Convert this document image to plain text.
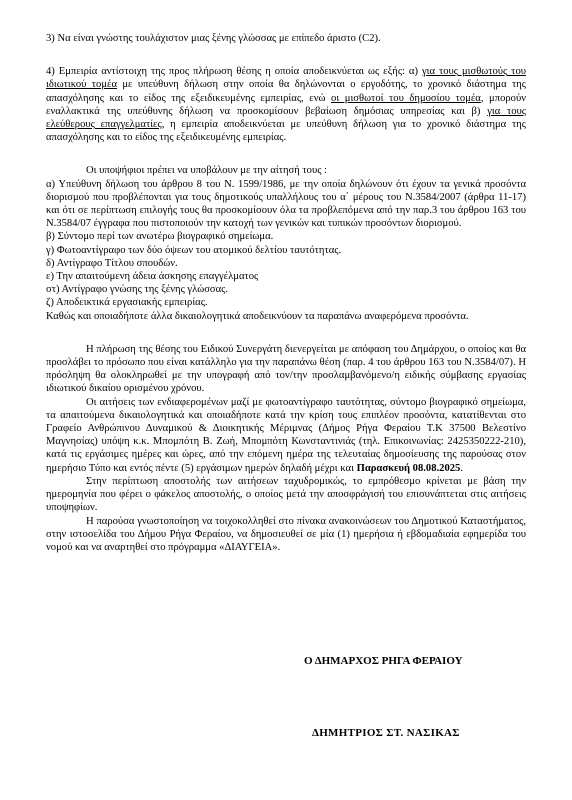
3) Να είναι γνώστης τουλάχιστον μιας ξένης γλώσσας με επίπεδο άριστο (C2).

4) Εμπειρία αντίστοιχη της προς πλήρωση θέσης η οποία αποδεικνύεται ως εξής: α) για τους μισθωτούς του ιδιωτικού τομέα με υπεύθυνη δήλωση στην οποία θα δηλώνονται ο εργοδότης, το χρονικό διάστημα της απασχόλησης και το είδος της εξειδικευμένης εμπειρίας, ενώ οι μισθωτοί του δημοσίου τομέα, μπορούν εναλλακτικά της υπεύθυνης δήλωση να προσκομίσουν βεβαίωση δημόσιας υπηρεσίας και β) για τους ελεύθερους επαγγελματίες, η εμπειρία αποδεικνύεται με υπεύθυνη δήλωση για το χρονικό διάστημα της απασχόλησης και το είδος της εξειδικευμένης εμπειρίας.

Οι υποψήφιοι πρέπει να υποβάλουν με την αίτησή τους :

α) Υπεύθυνη δήλωση του άρθρου 8 του Ν. 1599/1986, με την οποία δηλώνουν ότι έχουν τα γενικά προσόντα διορισμού που προβλέπονται για τους δημοτικούς υπαλλήλους του α΄ μέρους του Ν.3584/2007 (άρθρα 11-17) και ότι σε περίπτωση επιλογής τους θα προσκομίσουν όλα τα προβλεπόμενα από την παρ.3 του άρθρου 163 του Ν.3584/07 έγγραφα που πιστοποιούν την κατοχή των γενικών και τυπικών προσόντων διορισμού.

β) Σύντομο περί των ανωτέρω βιογραφικό σημείωμα.

γ) Φωτοαντίγραφο των δύο όψεων του ατομικού δελτίου ταυτότητας.

δ) Αντίγραφο Τίτλου σπουδών.

ε) Την απαιτούμενη άδεια άσκησης επαγγέλματος

στ) Αντίγραφο γνώσης της ξένης γλώσσας.

ζ) Αποδεικτικά εργασιακής εμπειρίας.

Καθώς και οποιαδήποτε άλλα δικαιολογητικά αποδεικνύουν τα παραπάνω αναφερόμενα προσόντα.

Η πλήρωση της θέσης του Ειδικού Συνεργάτη διενεργείται με απόφαση του Δημάρχου, ο οποίος και θα προσλάβει το πρόσωπο που είναι κατάλληλο για την παραπάνω θέση (παρ. 4 του άρθρου 163 του Ν.3584/07). Η πρόσληψη θα ολοκληρωθεί με την υπογραφή από τον/την προσλαμβανόμενο/η ειδικής σύμβασης εργασίας ιδιωτικού δικαίου ορισμένου χρόνου.

Οι αιτήσεις των ενδιαφερομένων μαζί με φωτοαντίγραφο ταυτότητας, σύντομο βιογραφικό σημείωμα, τα απαιτούμενα δικαιολογητικά και οποιαδήποτε κατά την κρίση τους επιπλέον προσόντα, κατατίθενται στο Γραφείο Ανθρώπινου Δυναμικού & Διοικητικής Μέριμνας (Δήμος Ρήγα Φεραίου Τ.Κ 37500 Βελεστίνο Μαγνησίας) υπόψη κ.κ. Μπομπότη Β. Ζωή, Μπομπότη Κωνσταντινιάς (τηλ. Επικοινωνίας: 2425350222-210), κατά τις εργάσιμες ημέρες και ώρες, από την επόμενη ημέρα της τελευταίας δημοσίευσης της παρούσας στον ημερήσιο Τύπο και εντός πέντε (5) εργάσιμων ημερών δηλαδή μέχρι και Παρασκευή 08.08.2025.

Στην περίπτωση αποστολής των αιτήσεων ταχυδρομικώς, το εμπρόθεσμο κρίνεται με βάση την ημερομηνία που φέρει ο φάκελος αποστολής, ο οποίος μετά την αποσφράγισή του επισυνάπτεται στις αιτήσεις υποψηφίων.

Η παρούσα γνωστοποίηση να τοιχοκολληθεί στο πίνακα ανακοινώσεων του Δημοτικού Καταστήματος, στην ιστοσελίδα του Δήμου Ρήγα Φεραίου, να δημοσιευθεί σε μία (1) ημερήσια ή εβδομαδιαία εφημερίδα του νομού και να αναρτηθεί στο πρόγραμμα «ΔΙΑΥΓΕΙΑ».

Ο ΔΗΜΑΡΧΟΣ ΡΗΓΑ ΦΕΡΑΙΟΥ

ΔΗΜΗΤΡΙΟΣ ΣΤ. ΝΑΣΙΚΑΣ
